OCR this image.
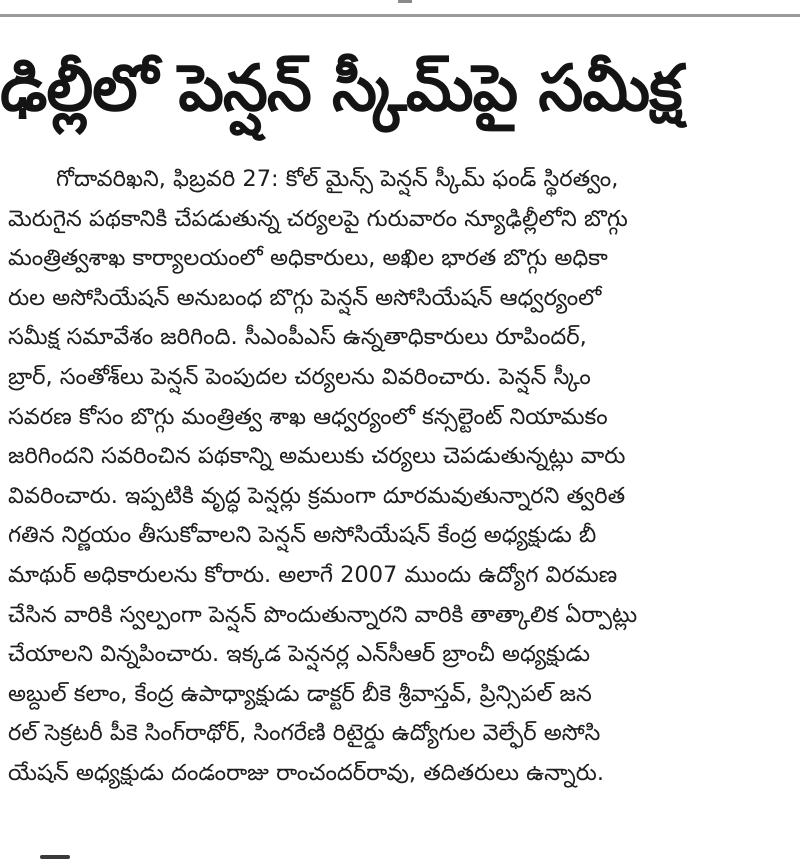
ఢిల్లీలో పెన్షన్ స్కీమ్‌పై సమీక్ష
గోదావరిఖని, ఫిబ్రవరి 27: కోల్ మైన్స్ పెన్షన్ స్కీమ్ ఫండ్ స్థిరత్వం,
మెరుగైన పథకానికి చేపడుతున్న చర్యలపై గురువారం న్యూఢిల్లీలోని బొగ్గు
మంత్రిత్వశాఖ కార్యాలయంలో అధికారులు, అఖిల భారత బొగ్గు అధికా
రుల అసోసియేషన్ అనుబంధ బొగ్గు పెన్షన్ అసోసియేషన్ ఆధ్వర్యంలో
సమీక్ష సమావేశం జరిగింది. సీఎంపీఎస్ ఉన్నతాధికారులు రూపిందర్,
బ్రార్, సంతోశ్‌లు పెన్షన్ పెంపుదల చర్యలను వివరించారు. పెన్షన్ స్కీం
సవరణ కోసం బొగ్గు మంత్రిత్వ శాఖ ఆధ్వర్యంలో కన్సల్టెంట్ నియామకం
జరిగిందని సవరించిన పథకాన్ని అమలుకు చర్యలు చెపడుతున్నట్లు వారు
వివరించారు. ఇప్పటికి వృద్ధ పెన్షర్లు క్రమంగా దూరమవుతున్నారని త్వరిత
గతిన నిర్ణయం తీసుకోవాలని పెన్షన్ అసోసియేషన్ కేంద్ర అధ్యక్షుడు బీ
మాథుర్ అధికారులను కోరారు. అలాగే 2007 ముందు ఉద్యోగ విరమణ
చేసిన వారికి స్వల్పంగా పెన్షన్ పొందుతున్నారని వారికి తాత్కాలిక ఏర్పాట్లు
చేయాలని విన్నపించారు. ఇక్కడ పెన్షనర్ల ఎన్‌సీఆర్ బ్రాంచీ అధ్యక్షుడు
అబ్దుల్ కలాం, కేంద్ర ఉపాధ్యాక్షుడు డాక్టర్ బీకె శ్రీవాస్తవ్, ప్రిన్సిపల్ జన
రల్ సెక్రటరీ పీకె సింగ్‌రాథోర్, సింగరేణి రిటైర్డు ఉద్యోగుల వెల్ఫేర్ అసోసి
యేషన్ అధ్యక్షుడు దండంరాజు రాంచందర్‌రావు, తదితరులు ఉన్నారు.
